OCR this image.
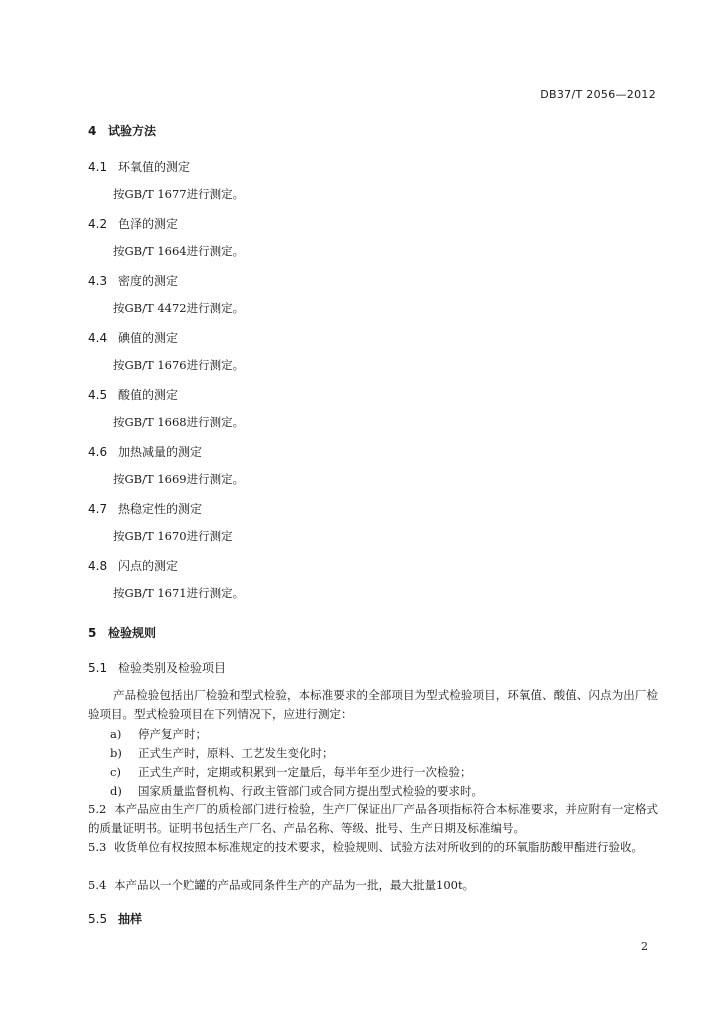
DB37/T 2056—2012
4 试验方法
4.1 环氧值的测定
按GB/T 1677进行测定。
4.2 色泽的测定
按GB/T 1664进行测定。
4.3 密度的测定
按GB/T 4472进行测定。
4.4 碘值的测定
按GB/T 1676进行测定。
4.5 酸值的测定
按GB/T 1668进行测定。
4.6 加热减量的测定
按GB/T 1669进行测定。
4.7 热稳定性的测定
按GB/T 1670进行测定
4.8 闪点的测定
按GB/T 1671进行测定。
5 检验规则
5.1 检验类别及检验项目
产品检验包括出厂检验和型式检验，本标准要求的全部项目为型式检验项目，环氧值、酸值、闪点为出厂检验项目。型式检验项目在下列情况下，应进行测定：
a) 停产复产时；
b) 正式生产时，原料、工艺发生变化时；
c) 正式生产时，定期或积累到一定量后，每半年至少进行一次检验；
d) 国家质量监督机构、行政主管部门或合同方提出型式检验的要求时。
5.2 本产品应由生产厂的质检部门进行检验，生产厂保证出厂产品各项指标符合本标准要求，并应附有一定格式的质量证明书。证明书包括生产厂名、产品名称、等级、批号、生产日期及标准编号。
5.3 收货单位有权按照本标准规定的技术要求，检验规则、试验方法对所收到的的环氧脂肪酸甲酯进行验收。
5.4 本产品以一个贮罐的产品或同条件生产的产品为一批，最大批量100t。
5.5 抽样
2
